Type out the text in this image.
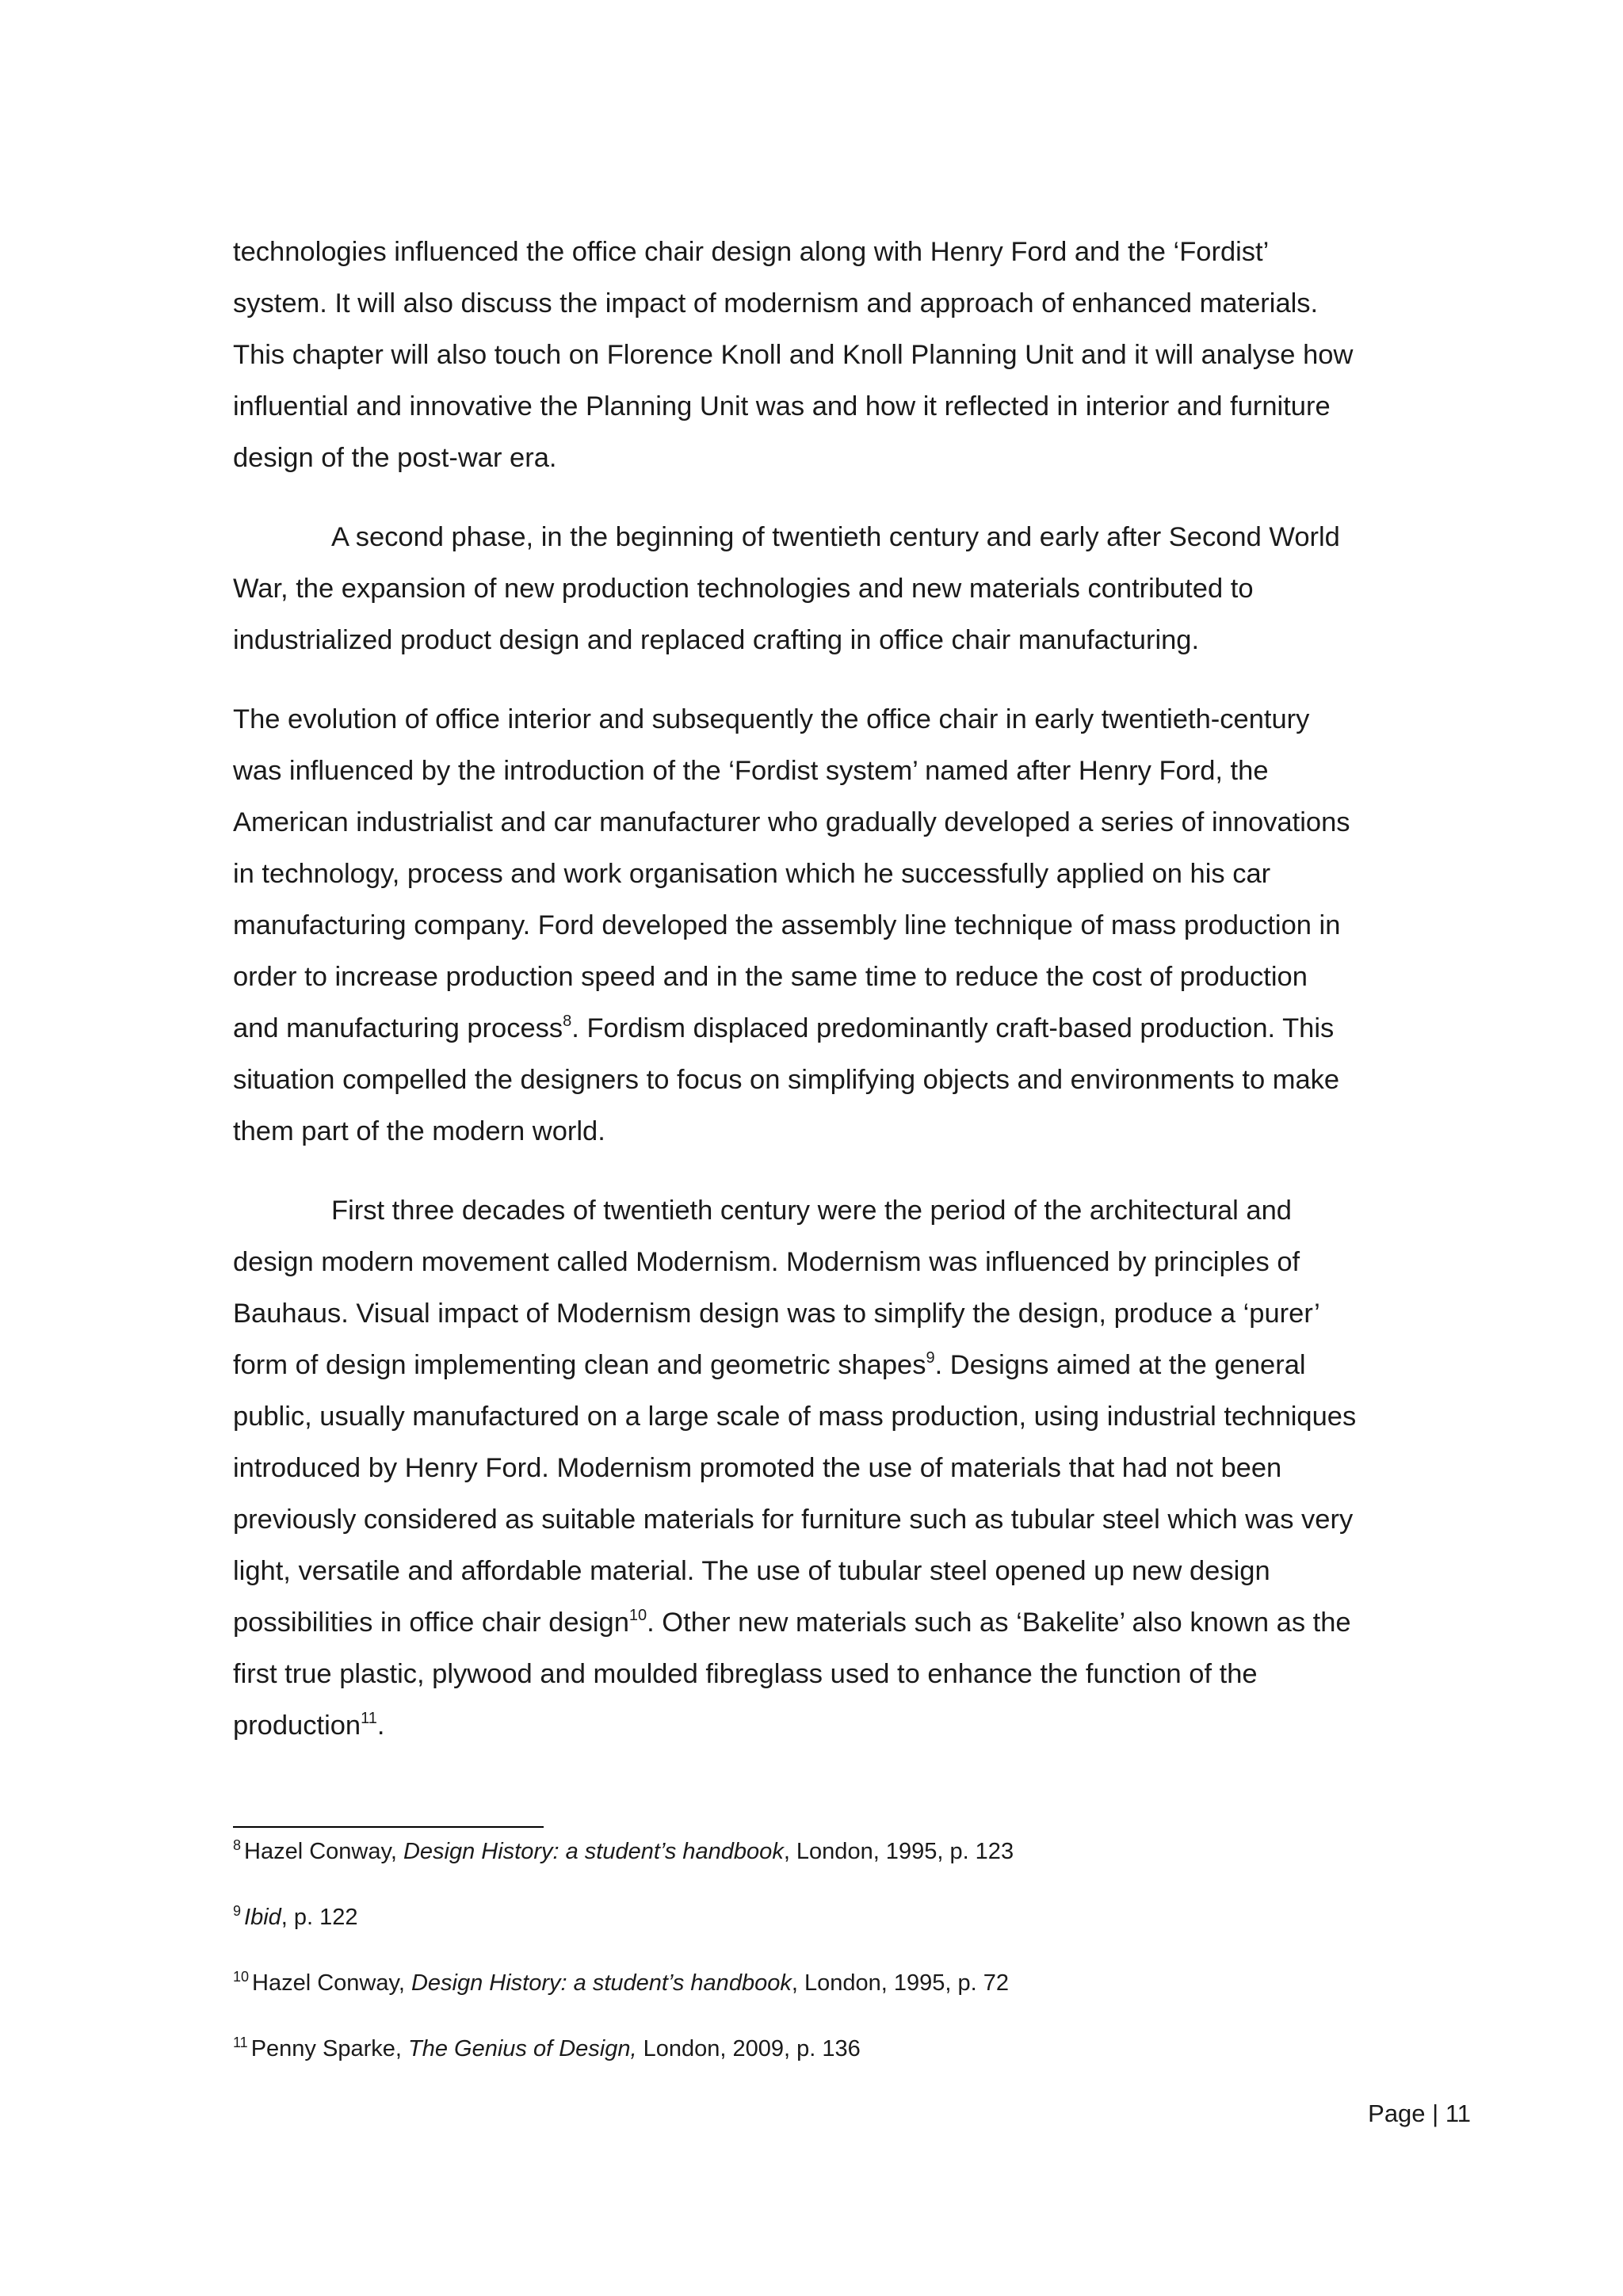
technologies influenced the office chair design along with Henry Ford and the ‘Fordist’
system. It will also discuss the impact of modernism and approach of enhanced materials.
This chapter will also touch on Florence Knoll and Knoll Planning Unit and it will analyse how
influential and innovative the Planning Unit was and how it reflected in interior and furniture
design of the post-war era.
A second phase, in the beginning of twentieth century and early after Second World
War, the expansion of new production technologies and new materials contributed to
industrialized product design and replaced crafting in office chair manufacturing.
The evolution of office interior and subsequently the office chair in early twentieth-century
was influenced by the introduction of the ‘Fordist system’ named after Henry Ford, the
American industrialist and car manufacturer who gradually developed a series of innovations
in technology, process and work organisation which he successfully applied on his car
manufacturing company. Ford developed the assembly line technique of mass production in
order to increase production speed and in the same time to reduce the cost of production
and manufacturing process$^8$. Fordism displaced predominantly craft-based production. This
situation compelled the designers to focus on simplifying objects and environments to make
them part of the modern world.
First three decades of twentieth century were the period of the architectural and
design modern movement called Modernism. Modernism was influenced by principles of
Bauhaus. Visual impact of Modernism design was to simplify the design, produce a ‘purer’
form of design implementing clean and geometric shapes$^9$. Designs aimed at the general
public, usually manufactured on a large scale of mass production, using industrial techniques
introduced by Henry Ford. Modernism promoted the use of materials that had not been
previously considered as suitable materials for furniture such as tubular steel which was very
light, versatile and affordable material. The use of tubular steel opened up new design
possibilities in office chair design$^{10}$. Other new materials such as ‘Bakelite’ also known as the
first true plastic, plywood and moulded fibreglass used to enhance the function of the
production$^{11}$.
$^8$ Hazel Conway, Design History: a student’s handbook, London, 1995, p. 123
$^9$ Ibid, p. 122
$^{10}$ Hazel Conway, Design History: a student’s handbook, London, 1995, p. 72
$^{11}$ Penny Sparke, The Genius of Design, London, 2009, p. 136
Page | 11
